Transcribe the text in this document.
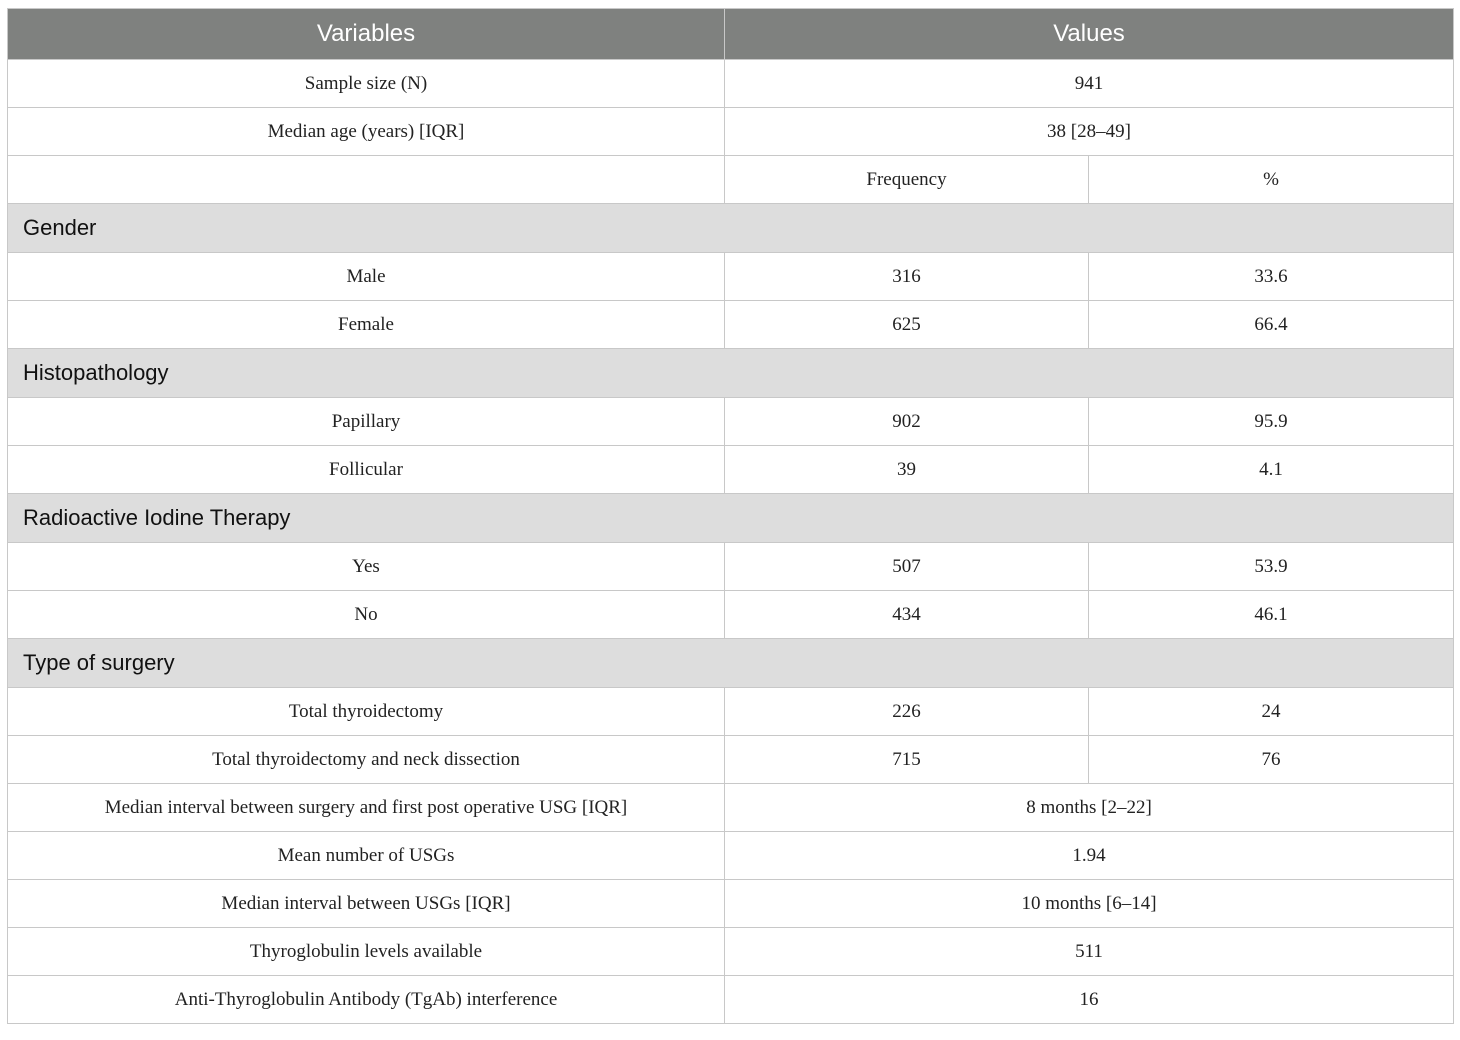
Variables	Values	
Sample size (N)	941	
Median age (years) [IQR]	38 [28–49]	
	Frequency	%
Gender		
Male	316	33.6
Female	625	66.4
Histopathology		
Papillary	902	95.9
Follicular	39	4.1
Radioactive Iodine Therapy		
Yes	507	53.9
No	434	46.1
Type of surgery		
Total thyroidectomy	226	24
Total thyroidectomy and neck dissection	715	76
Median interval between surgery and first post operative USG [IQR]	8 months [2–22]	
Mean number of USGs	1.94	
Median interval between USGs [IQR]	10 months [6–14]	
Thyroglobulin levels available	511	
Anti-Thyroglobulin Antibody (TgAb) interference	16	
